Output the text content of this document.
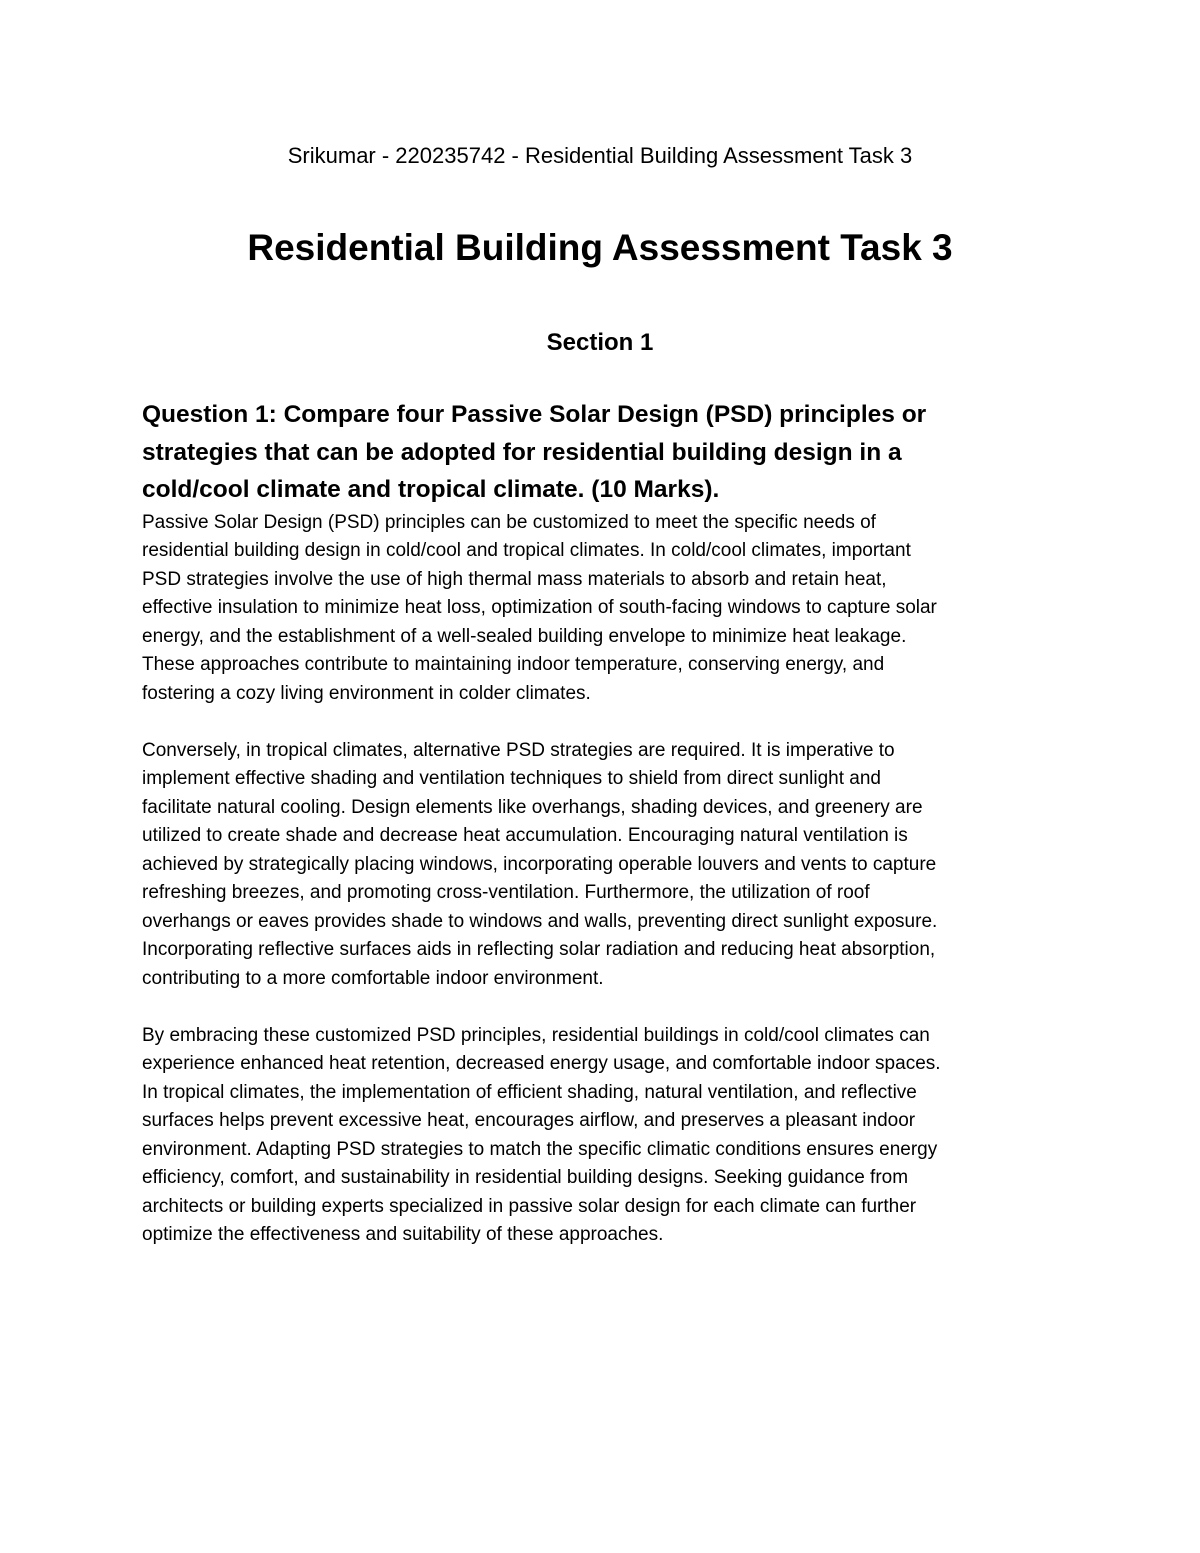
Srikumar - 220235742 - Residential Building Assessment Task 3

Residential Building Assessment Task 3
Section 1
Question 1: Compare four Passive Solar Design (PSD) principles or
strategies that can be adopted for residential building design in a
cold/cool climate and tropical climate. (10 Marks).

Passive Solar Design (PSD) principles can be customized to meet the specific needs of
residential building design in cold/cool and tropical climates. In cold/cool climates, important
PSD strategies involve the use of high thermal mass materials to absorb and retain heat,
effective insulation to minimize heat loss, optimization of south-facing windows to capture solar
energy, and the establishment of a well-sealed building envelope to minimize heat leakage.
These approaches contribute to maintaining indoor temperature, conserving energy, and
fostering a cozy living environment in colder climates.

Conversely, in tropical climates, alternative PSD strategies are required. It is imperative to
implement effective shading and ventilation techniques to shield from direct sunlight and
facilitate natural cooling. Design elements like overhangs, shading devices, and greenery are
utilized to create shade and decrease heat accumulation. Encouraging natural ventilation is
achieved by strategically placing windows, incorporating operable louvers and vents to capture
refreshing breezes, and promoting cross-ventilation. Furthermore, the utilization of roof
overhangs or eaves provides shade to windows and walls, preventing direct sunlight exposure.
Incorporating reflective surfaces aids in reflecting solar radiation and reducing heat absorption,
contributing to a more comfortable indoor environment.

By embracing these customized PSD principles, residential buildings in cold/cool climates can
experience enhanced heat retention, decreased energy usage, and comfortable indoor spaces.
In tropical climates, the implementation of efficient shading, natural ventilation, and reflective
surfaces helps prevent excessive heat, encourages airflow, and preserves a pleasant indoor
environment. Adapting PSD strategies to match the specific climatic conditions ensures energy
efficiency, comfort, and sustainability in residential building designs. Seeking guidance from
architects or building experts specialized in passive solar design for each climate can further
optimize the effectiveness and suitability of these approaches.
